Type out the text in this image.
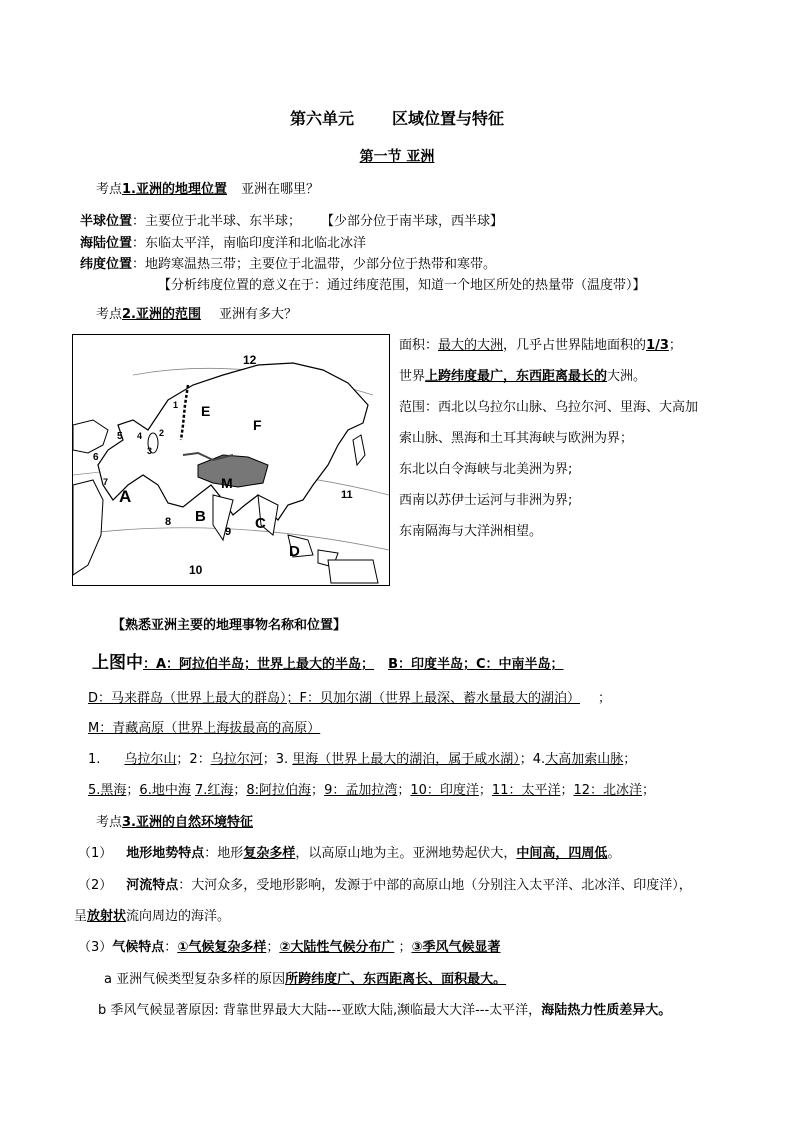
第六单元 区域位置与特征
第一节 亚洲
考点1.亚洲的地理位置 亚洲在哪里？
半球位置：主要位于北半球、东半球； 【少部分位于南半球，西半球】
海陆位置：东临太平洋，南临印度洋和北临北冰洋
纬度位置：地跨寒温热三带；主要位于北温带，少部分位于热带和寒带。
【分析纬度位置的意义在于：通过纬度范围，知道一个地区所处的热量带（温度带）】
考点2.亚洲的范围 亚洲有多大？
12
1 E
F
5 4 2
3
6
M
A
8 B	C
9
11
D
10
7
面积：最大的大洲，几乎占世界陆地面积的1/3；
世界上跨纬度最广，东西距离最长的大洲。
范围：西北以乌拉尔山脉、乌拉尔河、里海、大高加
索山脉、黑海和土耳其海峡与欧洲为界；
东北以白令海峡与北美洲为界;
西南以苏伊士运河与非洲为界;
东南隔海与大洋洲相望。
【熟悉亚洲主要的地理事物名称和位置】
上图中：A：阿拉伯半岛；世界上最大的半岛； B：印度半岛；C：中南半岛；
D：马来群岛（世界上最大的群岛）；F：贝加尔湖（世界上最深、蓄水量最大的湖泊） ；
M：青藏高原（世界上海拔最高的高原）
1. 乌拉尔山；2：乌拉尔河；3. 里海（世界上最大的湖泊，属于咸水湖）；4.大高加索山脉；
5.黑海；6.地中海 7.红海；8:阿拉伯海；9：孟加拉湾；10：印度洋；11：太平洋；12：北冰洋；
考点3.亚洲的自然环境特征
（1） 地形地势特点：地形复杂多样，以高原山地为主。亚洲地势起伏大，中间高，四周低。
（2） 河流特点：大河众多，受地形影响，发源于中部的高原山地（分别注入太平洋、北冰洋、印度洋），
呈放射状流向周边的海洋。
（3）气候特点：①气候复杂多样；②大陆性气候分布广 ；③季风气候显著
a 亚洲气候类型复杂多样的原因所跨纬度广、东西距离长、面积最大。
b 季风气候显著原因: 背靠世界最大大陆---亚欧大陆,濒临最大大洋---太平洋，海陆热力性质差异大。
